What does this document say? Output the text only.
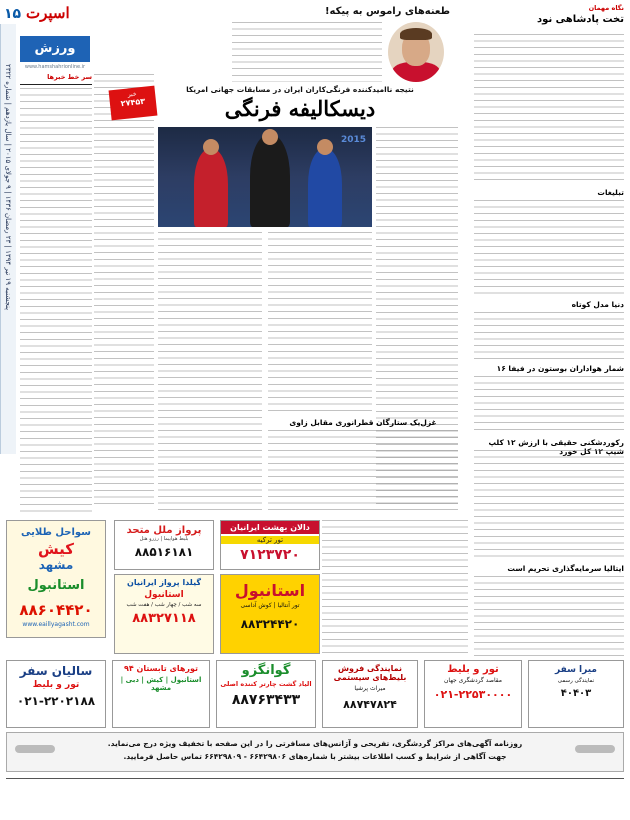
۱۵ اسپرت
پنجشنبه ۱۹ تیر ۱۳۹۴ | ۲۳ رمضان ۱۴۳۶ | ۹ جولای ۲۰۱۵ | سال یازدهم | شماره ۲۳۲۲
ورزش
www.hamshahrionline.ir
سر خط خبرها
نگاه مهمان
تخت پادشاهی نود
تبلیغات
دنیا مدل کوتاه
شمار هواداران بوستون در فیفا ۱۶
رکوردشکنی حقیقی با ارزش ۱۲ کلپ شیپ ۱۲ کل خورد
ایتالیا سرمایه‌گذاری تحریم است
طعنه‌های راموس به پیکه!
خبر
۲۷۴۵۳
نتیجه ناامیدکننده فرنگی‌کاران ایران در مسابقات جهانی امریکا
دیسکالیفه فرنگی
2015
غزل‌یک ستارگان قطرانوری مقابل زاوی
سواحل طلایی
کیش
مشهد
استانبول
۸۸۶۰۴۴۲۰
www.eaillyagasht.com
پرواز ملل متحد
بلیط هواپیما | رزرو هتل
۸۸۵۱۶۱۸۱
دالان بهشت ایرانیان
تور ترکیه
۷۱۲۳۷۲۰
گیلدا پرواز ایرانیان
استانبول
سه شب / چهار شب / هفت شب
۸۸۳۲۷۱۱۸
استانبول
تور آنتالیا | کوش آداسی
۸۸۳۲۴۴۲۰
سالیان سفر
تور و بلیط
۰۲۱-۲۲۰۲۱۸۸
تورهای تابستان ۹۴
استانبول | کیش | دبی | مشهد
گوانگزو
الیاد گشت چارتر کننده اصلی
۸۸۷۶۳۴۳۳
نمایندگی فروش بلیط‌های سیستمی
میراث پرشیا
۸۸۷۴۷۸۲۴
تور و بلیط
مقاصد گردشگری جهان
۰۲۱-۲۲۵۳۰۰۰۰
میرا سفر
نمایندگی رسمی
۴۰۴۰۳
روزنامه آگهی‌های مراکز گردشگری، تفریحی و آژانس‌های مسافرتی را در این صفحه با تخفیف ویژه درج می‌نماید.
جهت آگاهی از شرایط و کسب اطلاعات بیشتر با شماره‌های ۶۶۴۲۹۸۰۶ - ۶۶۴۲۹۸۰۹ تماس حاصل فرمایید.
